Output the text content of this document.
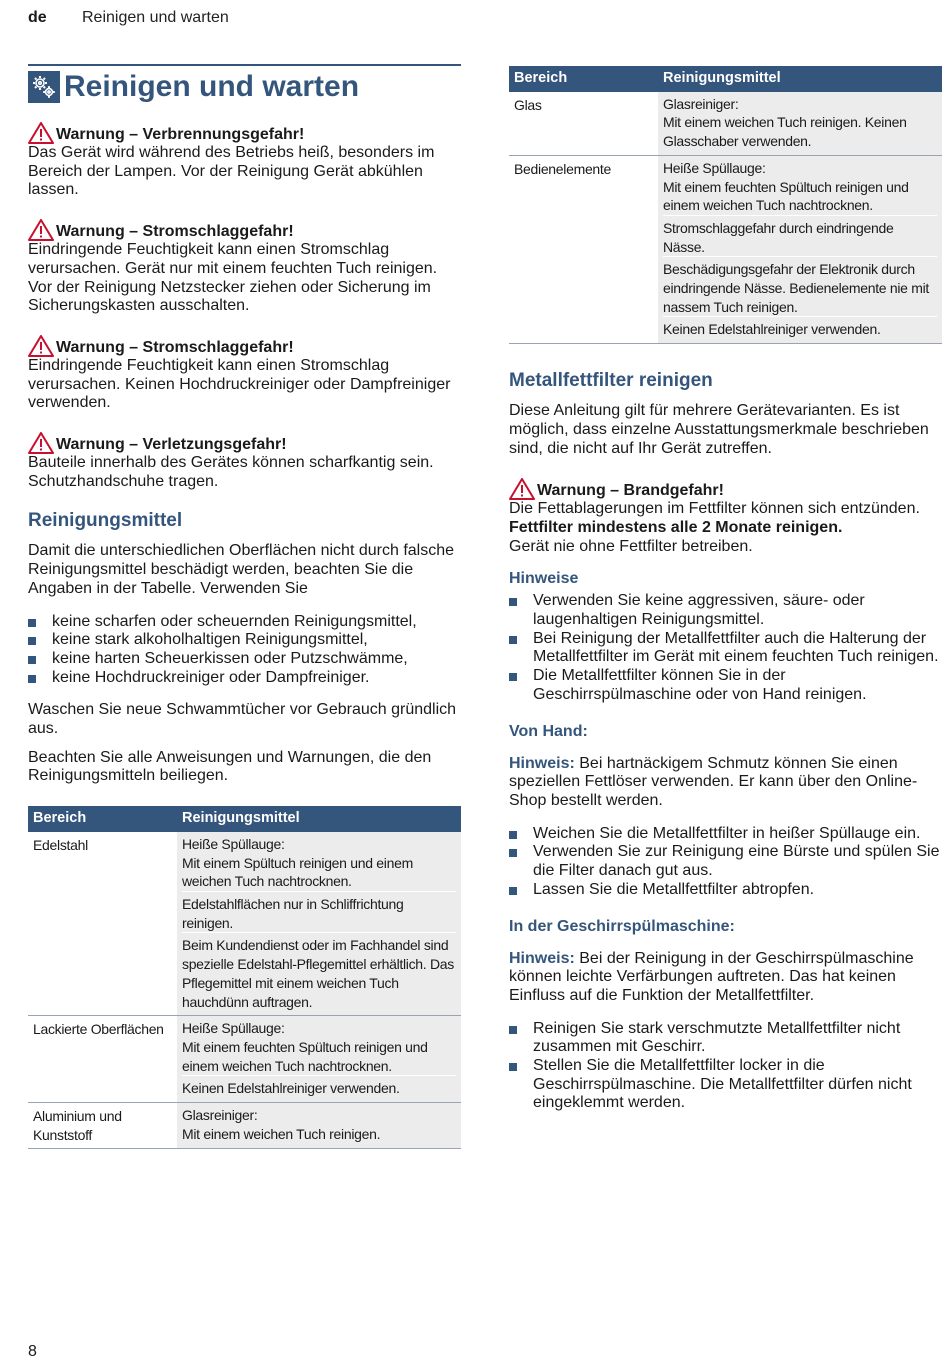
de Reinigen und warten
Reinigen und warten
Warnung – Verbrennungsgefahr!

Das Gerät wird während des Betriebs heiß, besonders im Bereich der Lampen. Vor der Reinigung Gerät abkühlen lassen.

Warnung – Stromschlaggefahr!

Eindringende Feuchtigkeit kann einen Stromschlag verursachen. Gerät nur mit einem feuchten Tuch reinigen. Vor der Reinigung Netzstecker ziehen oder Sicherung im Sicherungskasten ausschalten.

Warnung – Stromschlaggefahr!

Eindringende Feuchtigkeit kann einen Stromschlag verursachen. Keinen Hochdruckreiniger oder Dampfreiniger verwenden.

Warnung – Verletzungsgefahr!

Bauteile innerhalb des Gerätes können scharfkantig sein. Schutzhandschuhe tragen.

Reinigungsmittel

Damit die unterschiedlichen Oberflächen nicht durch falsche Reinigungsmittel beschädigt werden, beachten Sie die Angaben in der Tabelle. Verwenden Sie

keine scharfen oder scheuernden Reinigungsmittel,
keine stark alkoholhaltigen Reinigungsmittel,
keine harten Scheuerkissen oder Putzschwämme,
keine Hochdruckreiniger oder Dampfreiniger.

Waschen Sie neue Schwammtücher vor Gebrauch gründlich aus.

Beachten Sie alle Anweisungen und Warnungen, die den Reinigungsmitteln beiliegen.

Bereich	Reinigungsmittel
Edelstahl	Heiße Spüllauge:
Mit einem Spültuch reinigen und einem weichen Tuch nachtrocknen.
Edelstahlflächen nur in Schliffrichtung reinigen.
Beim Kundendienst oder im Fachhandel sind spezielle Edelstahl-Pflegemittel erhältlich. Das Pflegemittel mit einem weichen Tuch hauchdünn auftragen.

Lackierte Oberflächen	Heiße Spüllauge:
Mit einem feuchten Spültuch reinigen und einem weichen Tuch nachtrocknen.
Keinen Edelstahlreiniger verwenden.

Aluminium und Kunststoff	Glasreiniger:
Mit einem weichen Tuch reinigen.
Bereich	Reinigungsmittel
Glas	Glasreiniger:
Mit einem weichen Tuch reinigen. Keinen Glasschaber verwenden.

Bedienelemente	Heiße Spüllauge:
Mit einem feuchten Spültuch reinigen und einem weichen Tuch nachtrocknen.
Stromschlaggefahr durch eindringende Nässe.
Beschädigungsgefahr der Elektronik durch eindringende Nässe. Bedienelemente nie mit nassem Tuch reinigen.
Keinen Edelstahlreiniger verwenden.
Metallfettfilter reinigen

Diese Anleitung gilt für mehrere Gerätevarianten. Es ist möglich, dass einzelne Ausstattungsmerkmale beschrieben sind, die nicht auf Ihr Gerät zutreffen.

Warnung – Brandgefahr!

Die Fettablagerungen im Fettfilter können sich entzünden.

Fettfilter mindestens alle 2 Monate reinigen.

Gerät nie ohne Fettfilter betreiben.

Hinweise
Verwenden Sie keine aggressiven, säure- oder laugenhaltigen Reinigungsmittel.
Bei Reinigung der Metallfettfilter auch die Halterung der Metallfettfilter im Gerät mit einem feuchten Tuch reinigen.
Die Metallfettfilter können Sie in der Geschirrspülmaschine oder von Hand reinigen.
Von Hand:

Hinweis: Bei hartnäckigem Schmutz können Sie einen speziellen Fettlöser verwenden. Er kann über den Online-Shop bestellt werden.

Weichen Sie die Metallfettfilter in heißer Spüllauge ein.
Verwenden Sie zur Reinigung eine Bürste und spülen Sie die Filter danach gut aus.
Lassen Sie die Metallfettfilter abtropfen.
In der Geschirrspülmaschine:

Hinweis: Bei der Reinigung in der Geschirrspülmaschine können leichte Verfärbungen auftreten. Das hat keinen Einfluss auf die Funktion der Metallfettfilter.

Reinigen Sie stark verschmutzte Metallfettfilter nicht zusammen mit Geschirr.
Stellen Sie die Metallfettfilter locker in die Geschirrspülmaschine. Die Metallfettfilter dürfen nicht eingeklemmt werden.
8
